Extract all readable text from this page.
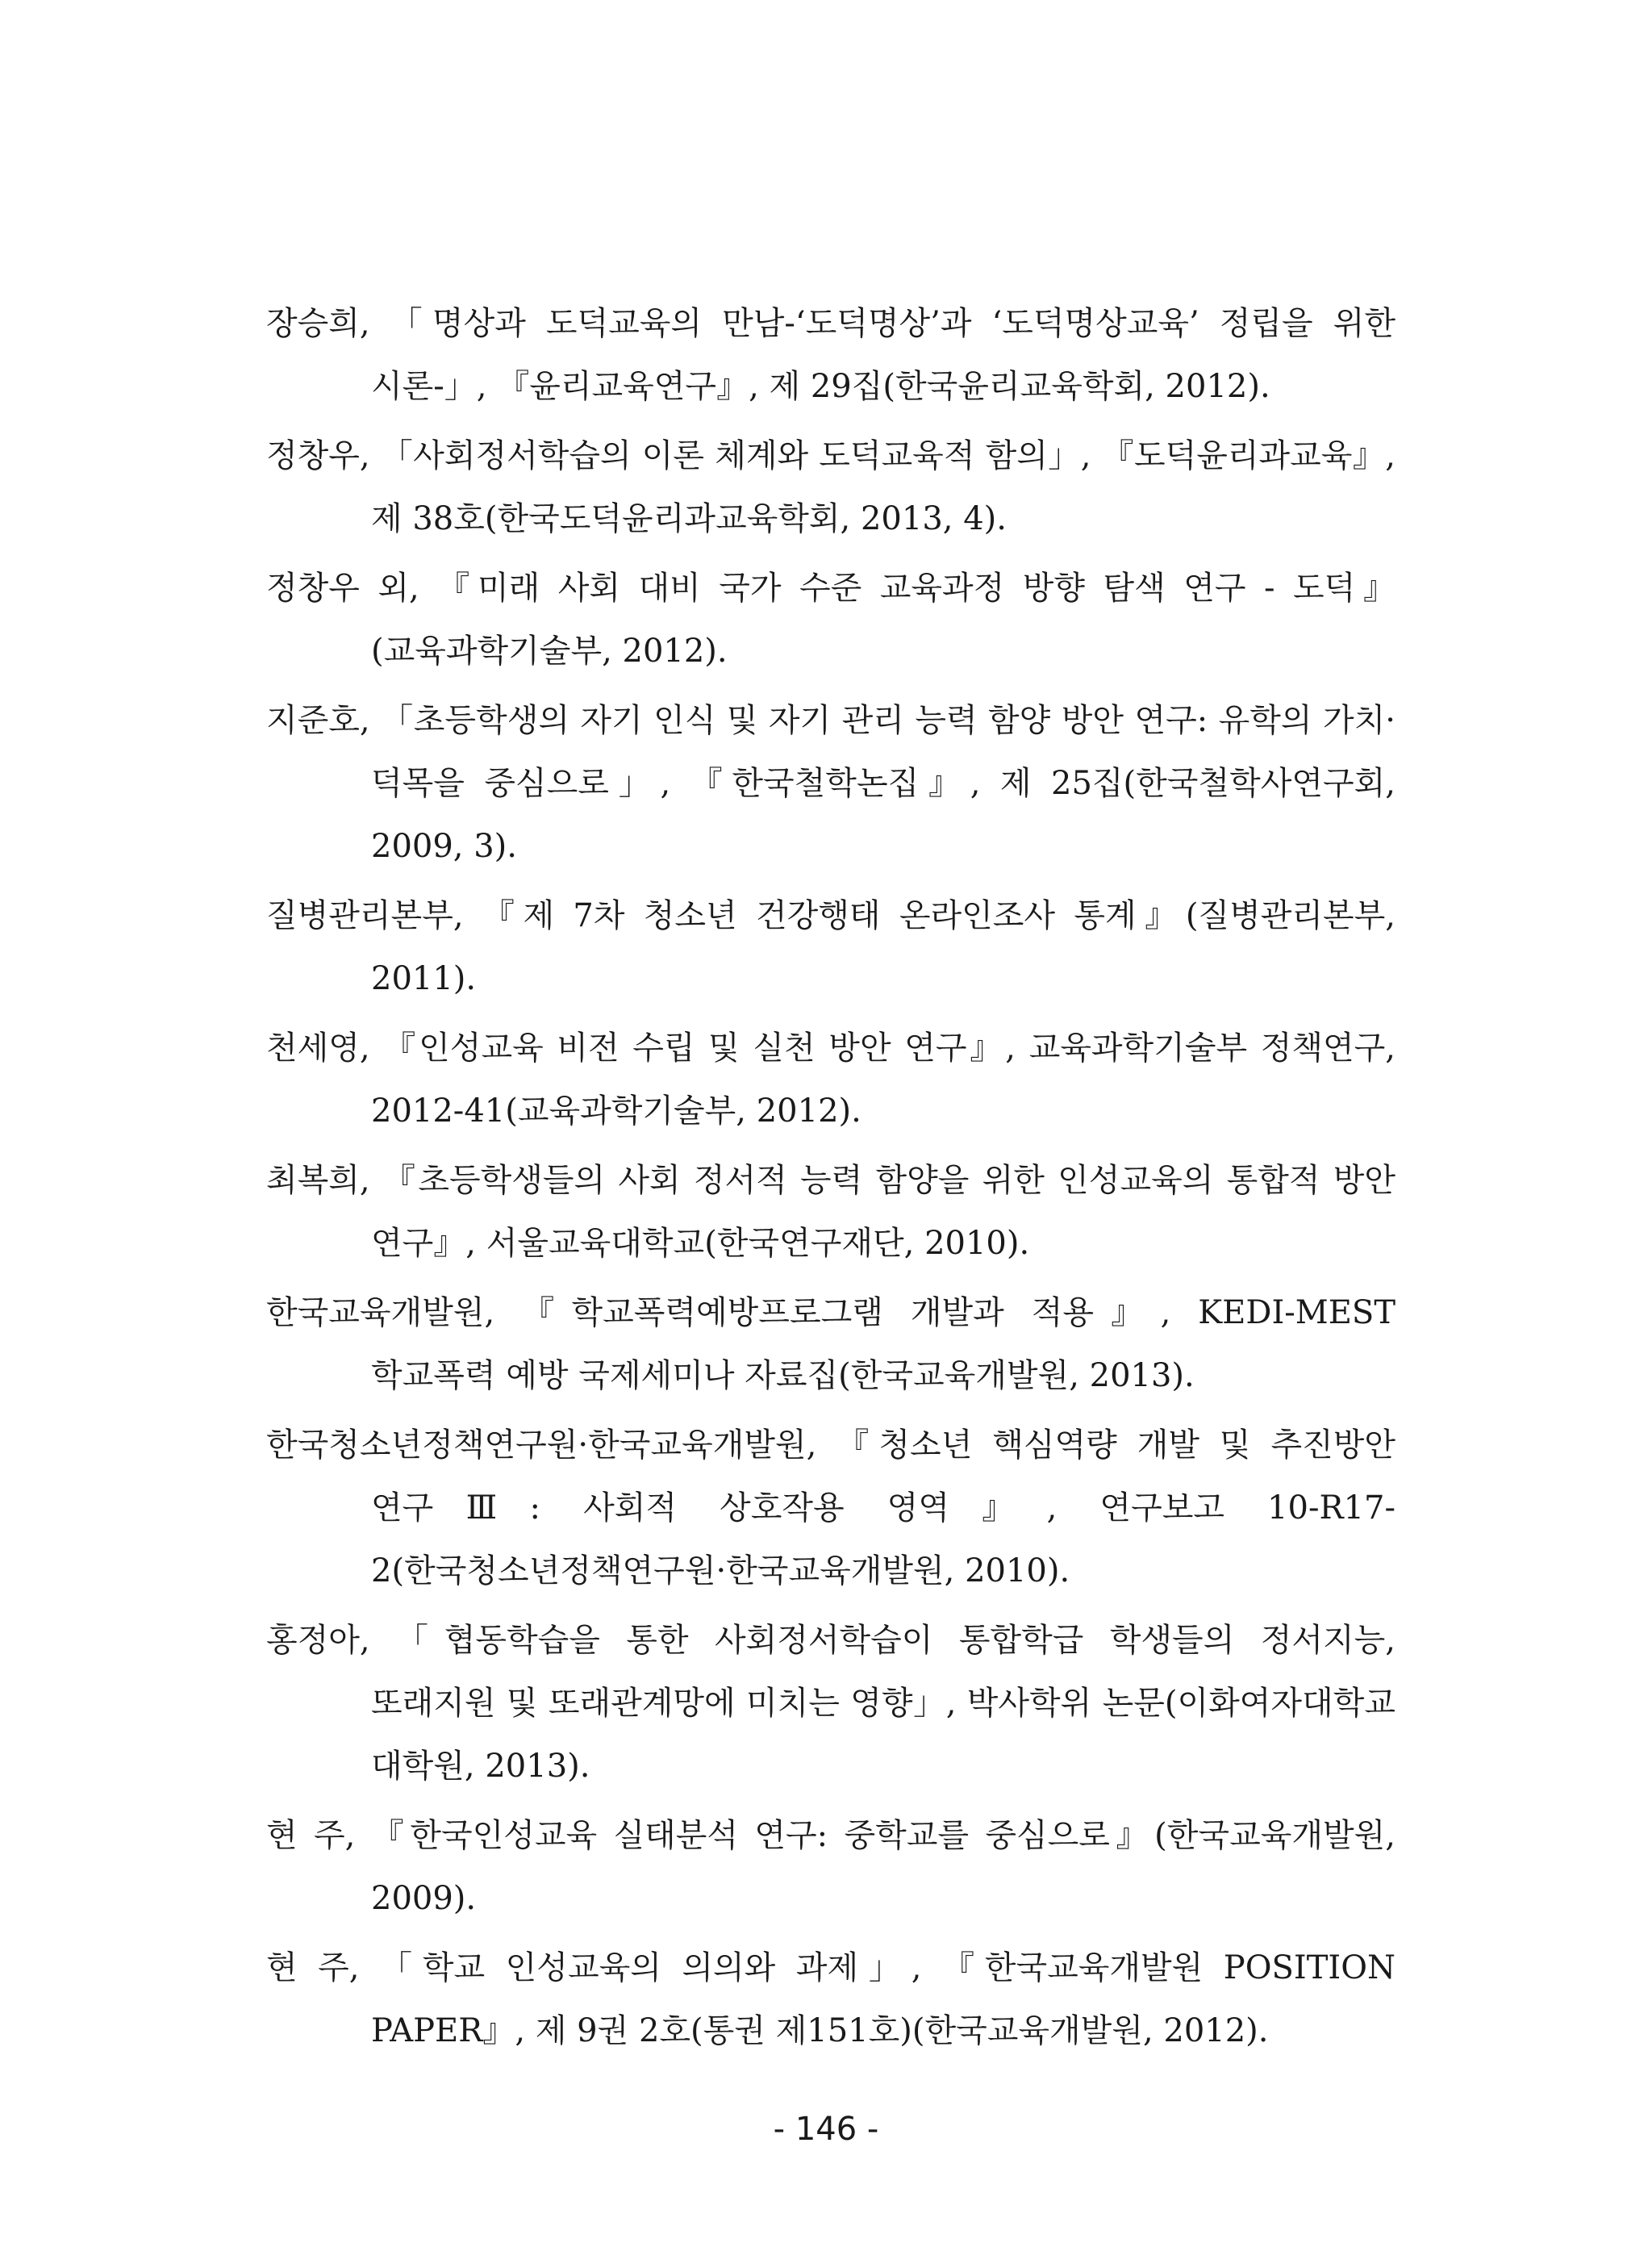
장승희, 「명상과 도덕교육의 만남-‘도덕명상’과 ‘도덕명상교육’ 정립을 위한 시론-」, 『윤리교육연구』, 제 29집(한국윤리교육학회, 2012).
정창우, 「사회정서학습의 이론 체계와 도덕교육적 함의」, 『도덕윤리과교육』, 제 38호(한국도덕윤리과교육학회, 2013, 4).
정창우 외, 『미래 사회 대비 국가 수준 교육과정 방향 탐색 연구 - 도덕』(교육과학기술부, 2012).
지준호, 「초등학생의 자기 인식 및 자기 관리 능력 함양 방안 연구: 유학의 가치·덕목을 중심으로」, 『한국철학논집』, 제 25집(한국철학사연구회, 2009, 3).
질병관리본부, 『제 7차 청소년 건강행태 온라인조사 통계』(질병관리본부, 2011).
천세영, 『인성교육 비전 수립 및 실천 방안 연구』, 교육과학기술부 정책연구, 2012-41(교육과학기술부, 2012).
최복희, 『초등학생들의 사회 정서적 능력 함양을 위한 인성교육의 통합적 방안 연구』, 서울교육대학교(한국연구재단, 2010).
한국교육개발원, 『학교폭력예방프로그램 개발과 적용』, KEDI-MEST 학교폭력 예방 국제세미나 자료집(한국교육개발원, 2013).
한국청소년정책연구원·한국교육개발원, 『청소년 핵심역량 개발 및 추진방안 연구Ⅲ: 사회적 상호작용 영역』, 연구보고 10-R17-2(한국청소년정책연구원·한국교육개발원, 2010).
홍정아, 「협동학습을 통한 사회정서학습이 통합학급 학생들의 정서지능, 또래지원 및 또래관계망에 미치는 영향」, 박사학위 논문(이화여자대학교 대학원, 2013).
현 주, 『한국인성교육 실태분석 연구: 중학교를 중심으로』(한국교육개발원, 2009).
현 주, 「학교 인성교육의 의의와 과제」, 『한국교육개발원 POSITION PAPER』, 제 9권 2호(통권 제151호)(한국교육개발원, 2012).
- 146 -
